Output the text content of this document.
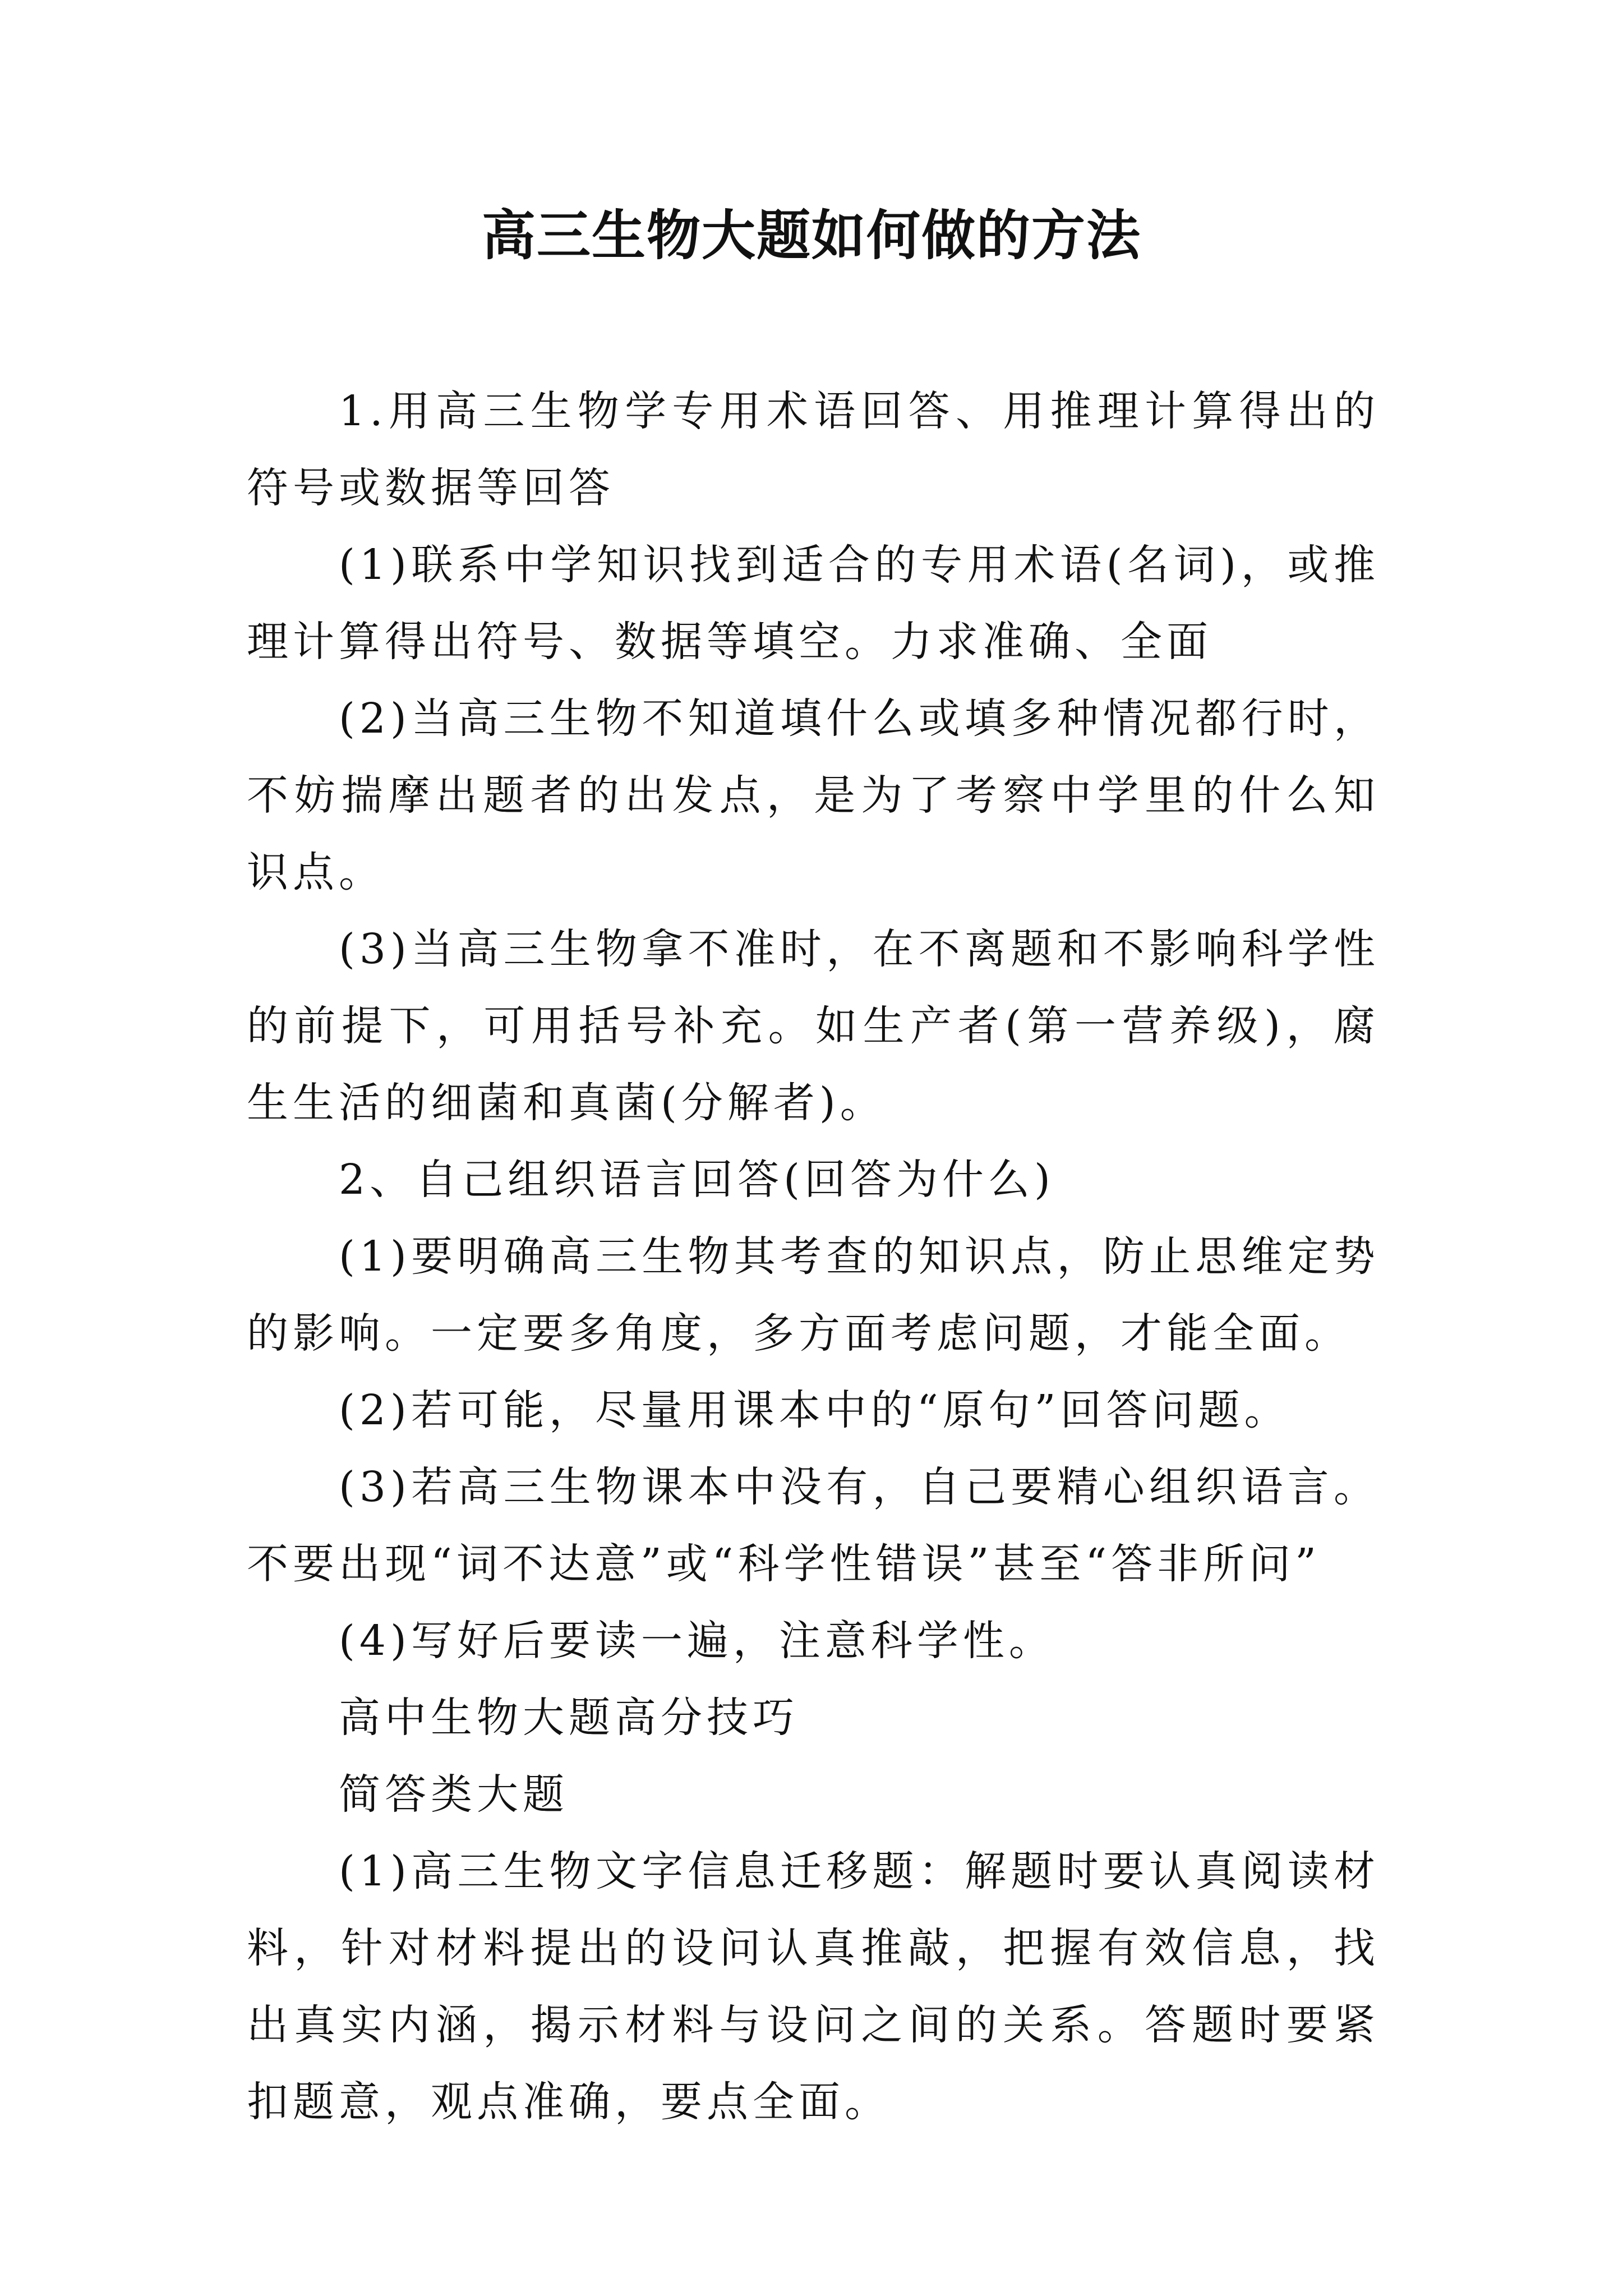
高三生物大题如何做的方法

1.用高三生物学专用术语回答、用推理计算得出的符号或数据等回答

(1)联系中学知识找到适合的专用术语(名词)，或推理计算得出符号、数据等填空。力求准确、全面

(2)当高三生物不知道填什么或填多种情况都行时，不妨揣摩出题者的出发点，是为了考察中学里的什么知识点。

(3)当高三生物拿不准时，在不离题和不影响科学性的前提下，可用括号补充。如生产者(第一营养级)，腐生生活的细菌和真菌(分解者)。

2、自己组织语言回答(回答为什么)

(1)要明确高三生物其考查的知识点，防止思维定势的影响。一定要多角度，多方面考虑问题，才能全面。

(2)若可能，尽量用课本中的“原句”回答问题。

(3)若高三生物课本中没有，自己要精心组织语言。不要出现“词不达意”或“科学性错误”甚至“答非所问”

(4)写好后要读一遍，注意科学性。

高中生物大题高分技巧

简答类大题

(1)高三生物文字信息迁移题：解题时要认真阅读材料，针对材料提出的设问认真推敲，把握有效信息，找出真实内涵，揭示材料与设问之间的关系。答题时要紧扣题意，观点准确，要点全面。
